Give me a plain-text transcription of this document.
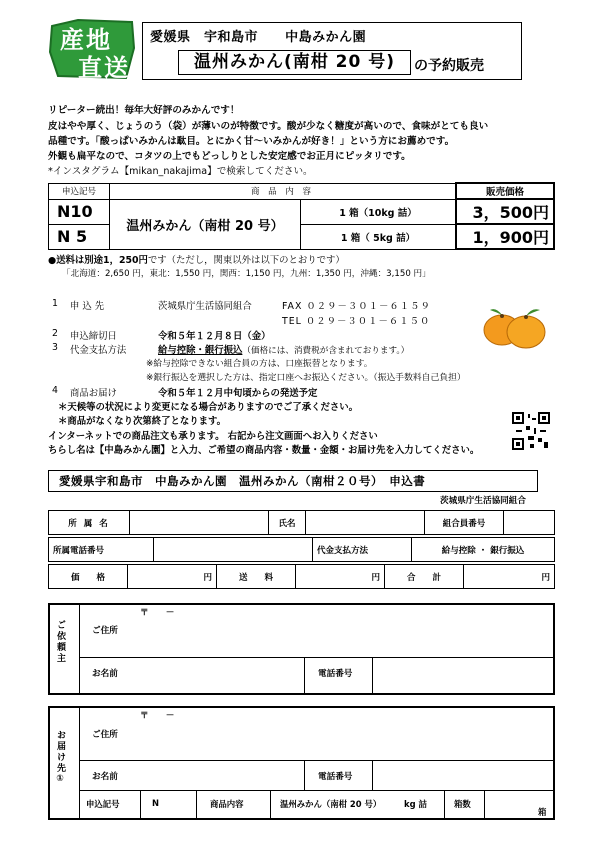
産地
直送
愛媛県　 宇和島市　　 中島みかん園
温州みかん(南柑 20 号)	の予約販売
リピーター続出！毎年大好評のみかんです！
皮はやや厚く、じょうのう（袋）が薄いのが特徴です。酸が少なく糖度が高いので、食味がとても良い
品種です。「酸っぱいみかんは駄目。とにかく甘～いみかんが好き！」という方にお薦めです。
外観も扁平なので、コタツの上でもどっしりとした安定感でお正月にピッタリです。
*インスタグラム【mikan_nakajima】で検索してください。
申込記号	商 品 内 容		販売価格
N10	温州みかん（南柑 20 号）	1 箱（10kg 詰）	3，500円
N 5		1 箱（ 5kg 詰）	1，900円
●送料は別途1，250円です（ただし，関東以外は以下のとおりです）
「北海道：2,650 円，東北：1,550 円，関西：1,150 円，九州：1,350 円，沖縄：3,150 円」
1 申 込 先	茨城県庁生活協同組合	FAX ０２９－３０１－６１５９
TEL ０２９－３０１－６１５０
2 申込締切日	令和５年１２月８日（金）
3 代金支払方法	給与控除・銀行振込（価格には、消費税が含まれております。）
※給与控除できない組合員の方は、口座振替となります。
※銀行振込を選択した方は、指定口座へお振込ください。（振込手数料自己負担）
4 商品お届け	令和５年１２月中旬頃からの発送予定
＊天候等の状況により変更になる場合がありますのでご了承ください。
＊商品がなくなり次第終了となります。
インターネットでの商品注文も承ります。 右記から注文画面へお入りください
ちらし名は【中島みかん園】と入力、ご希望の商品内容・数量・金額・お届け先を入力してください。
愛媛県宇和島市　中島みかん園　温州みかん（南柑２０号）　申込書
茨城県庁生活協同組合
所 属 名		氏名		組合員番号	
所属電話番号		代金支払方法	給与控除 ・ 銀行振込
価　　格	円	送　　料	円	合　　計	円
ご依頼主	ご住所
〒　　－
お名前	電話番号
お届け先①	ご住所
〒　　－
お名前	電話番号
申込記号	N	商品内容	温州みかん（南柑 20 号）	kg 詰	箱数
箱
